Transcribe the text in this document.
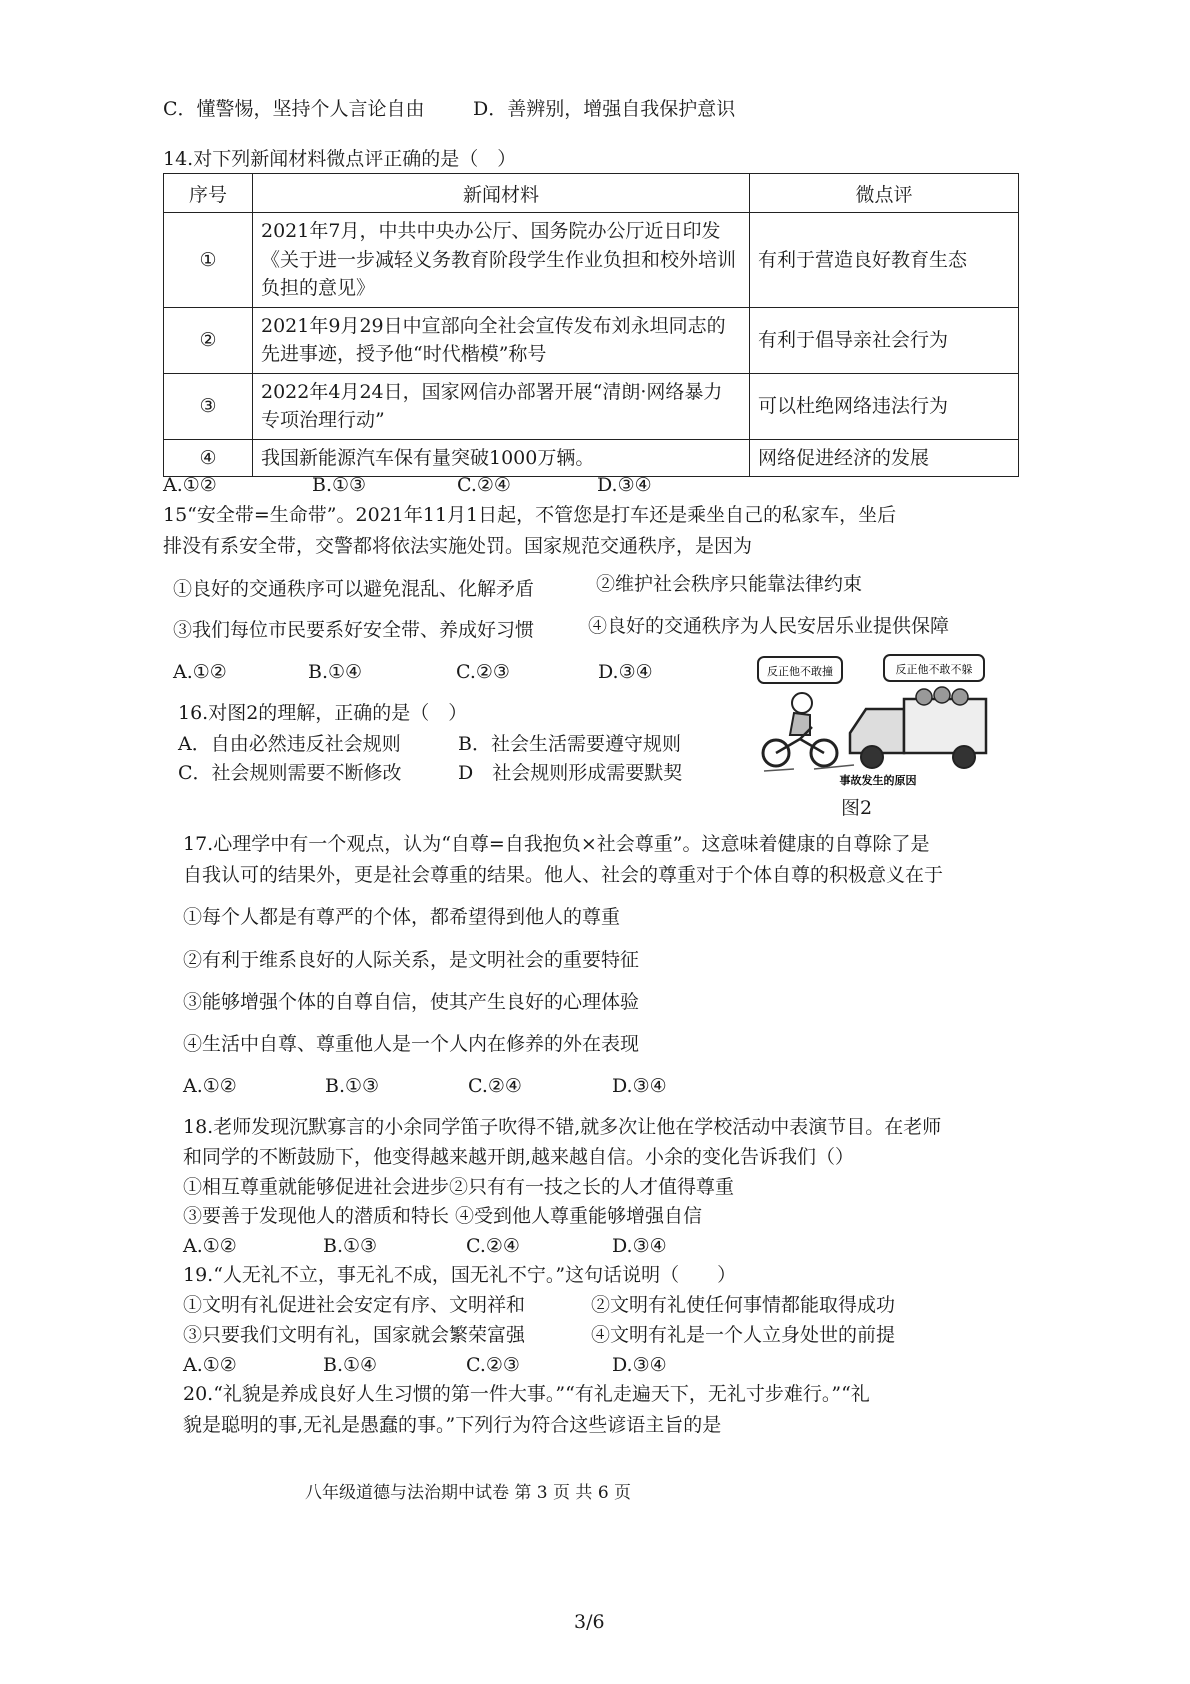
C．懂警惕，坚持个人言论自由	D．善辨别，增强自我保护意识
14.对下列新闻材料微点评正确的是（　）
序号	新闻材料	微点评
①	2021年7月，中共中央办公厅、国务院办公厅近日印发《关于进一步减轻义务教育阶段学生作业负担和校外培训负担的意见》	有利于营造良好教育生态
②	2021年9月29日中宣部向全社会宣传发布刘永坦同志的先进事迹，授予他“时代楷模”称号	有利于倡导亲社会行为
③	2022年4月24日，国家网信办部署开展“清朗·网络暴力专项治理行动”	可以杜绝网络违法行为
④	我国新能源汽车保有量突破1000万辆。	网络促进经济的发展
A.①②	B.①③	C.②④	D.③④
15“安全带=生命带”。2021年11月1日起，不管您是打车还是乘坐自己的私家车，坐后
排没有系安全带，交警都将依法实施处罚。国家规范交通秩序，是因为
①良好的交通秩序可以避免混乱、化解矛盾	②维护社会秩序只能靠法律约束
③我们每位市民要系好安全带、养成好习惯	④良好的交通秩序为人民安居乐业提供保障
A.①②	B.①④	C.②③	D.③④
16.对图2的理解，正确的是（　）
A．自由必然违反社会规则	B．社会生活需要遵守规则
C．社会规则需要不断修改	D　社会规则形成需要默契
反正他不敢撞	反正他不敢不躲
事故发生的原因
图2
17.心理学中有一个观点，认为“自尊=自我抱负×社会尊重”。这意味着健康的自尊除了是
自我认可的结果外，更是社会尊重的结果。他人、社会的尊重对于个体自尊的积极意义在于
①每个人都是有尊严的个体，都希望得到他人的尊重
②有利于维系良好的人际关系，是文明社会的重要特征
③能够增强个体的自尊自信，使其产生良好的心理体验
④生活中自尊、尊重他人是一个人内在修养的外在表现
A.①②	B.①③	C.②④	D.③④
18.老师发现沉默寡言的小余同学笛子吹得不错,就多次让他在学校活动中表演节目。在老师
和同学的不断鼓励下，他变得越来越开朗,越来越自信。小余的变化告诉我们（）
①相互尊重就能够促进社会进步②只有有一技之长的人才值得尊重
③要善于发现他人的潜质和特长 ④受到他人尊重能够增强自信
A.①②	B.①③	C.②④	D.③④
19.“人无礼不立，事无礼不成，国无礼不宁。”这句话说明（　　）
①文明有礼促进社会安定有序、文明祥和	②文明有礼使任何事情都能取得成功
③只要我们文明有礼，国家就会繁荣富强	④文明有礼是一个人立身处世的前提
A.①②	B.①④	C.②③	D.③④
20.“礼貌是养成良好人生习惯的第一件大事。”“有礼走遍天下，无礼寸步难行。”“礼
貌是聪明的事,无礼是愚蠢的事。”下列行为符合这些谚语主旨的是
八年级道德与法治期中试卷 第 3 页 共 6 页
3/6
